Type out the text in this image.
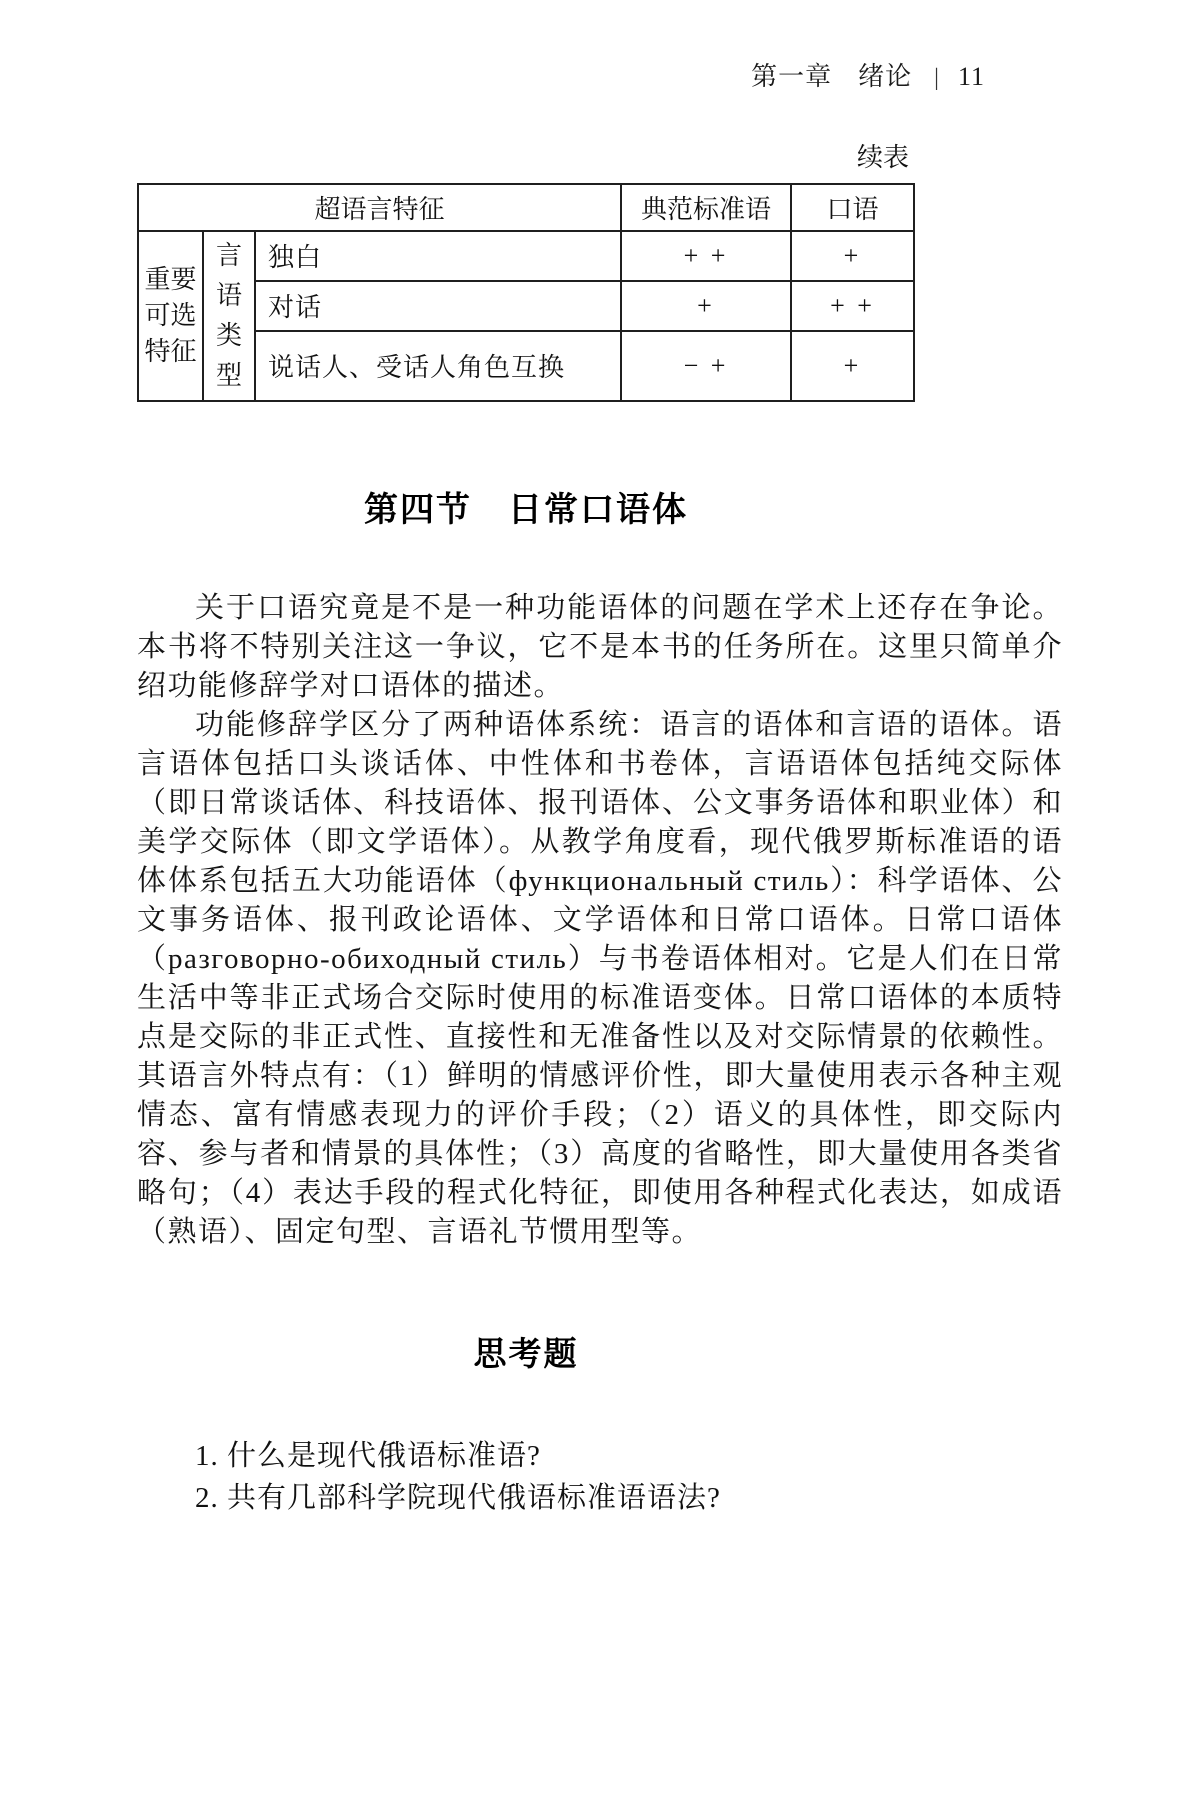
第一章 绪论 | 11
续表
超语言特征			典范标准语	口语
重要可选特征	言语类型	独白	+ +	+
		对话	+	+ +
		说话人、受话人角色互换	− +	+
第四节　日常口语体

关于口语究竟是不是一种功能语体的问题在学术上还存在争论。本书将不特别关注这一争议，它不是本书的任务所在。这里只简单介绍功能修辞学对口语体的描述。

功能修辞学区分了两种语体系统：语言的语体和言语的语体。语言语体包括口头谈话体、中性体和书卷体，言语语体包括纯交际体（即日常谈话体、科技语体、报刊语体、公文事务语体和职业体）和美学交际体（即文学语体）。从教学角度看，现代俄罗斯标准语的语体体系包括五大功能语体（функциональный стиль）：科学语体、公文事务语体、报刊政论语体、文学语体和日常口语体。日常口语体（разговорно-обиходный стиль）与书卷语体相对。它是人们在日常生活中等非正式场合交际时使用的标准语变体。日常口语体的本质特点是交际的非正式性、直接性和无准备性以及对交际情景的依赖性。其语言外特点有：（1）鲜明的情感评价性，即大量使用表示各种主观情态、富有情感表现力的评价手段；（2）语义的具体性，即交际内容、参与者和情景的具体性；（3）高度的省略性，即大量使用各类省略句；（4）表达手段的程式化特征，即使用各种程式化表达，如成语（熟语）、固定句型、言语礼节惯用型等。

思考题
1. 什么是现代俄语标准语?
2. 共有几部科学院现代俄语标准语语法?
